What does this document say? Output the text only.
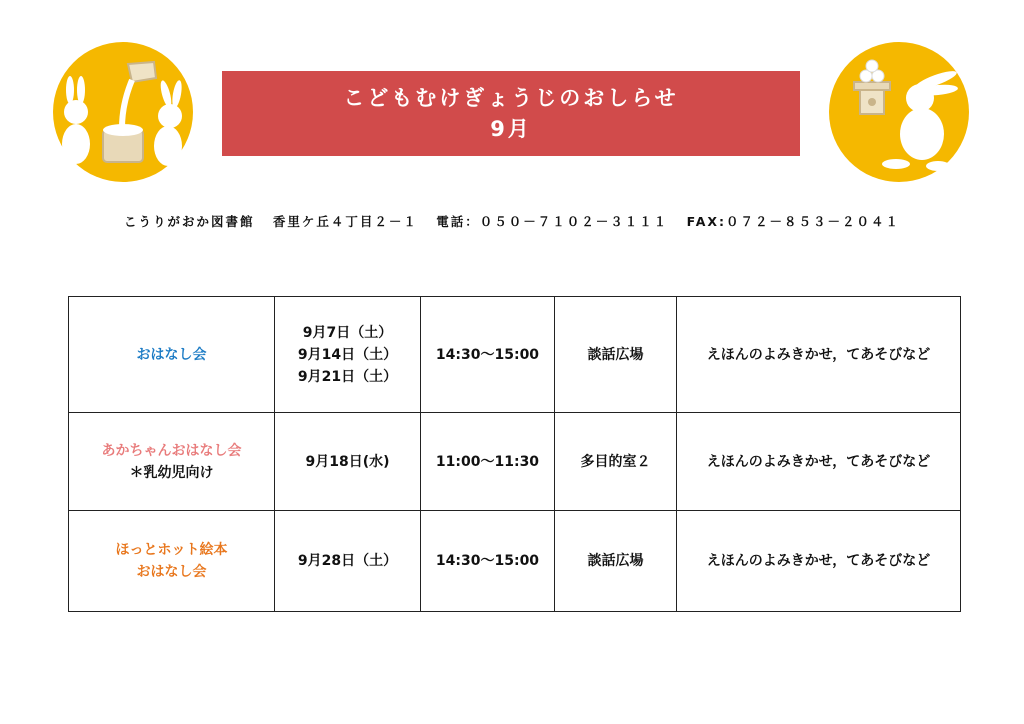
こどもむけぎょうじのおしらせ
9月
こうりがおか図書館 香里ケ丘４丁目２－１ 電話：０５０－７１０２－３１１１ FAX:０７２－８５３－２０４１
おはなし会	9月7日（土）
9月14日（土）
9月21日（土）	14:30～15:00	談話広場	えほんのよみきかせ，てあそびなど

あかちゃんおはなし会
＊乳幼児向け	9月18日(水)	11:00～11:30	多目的室２	えほんのよみきかせ，てあそびなど

ほっとホット絵本
おはなし会	9月28日（土）	14:30～15:00	談話広場	えほんのよみきかせ，てあそびなど
